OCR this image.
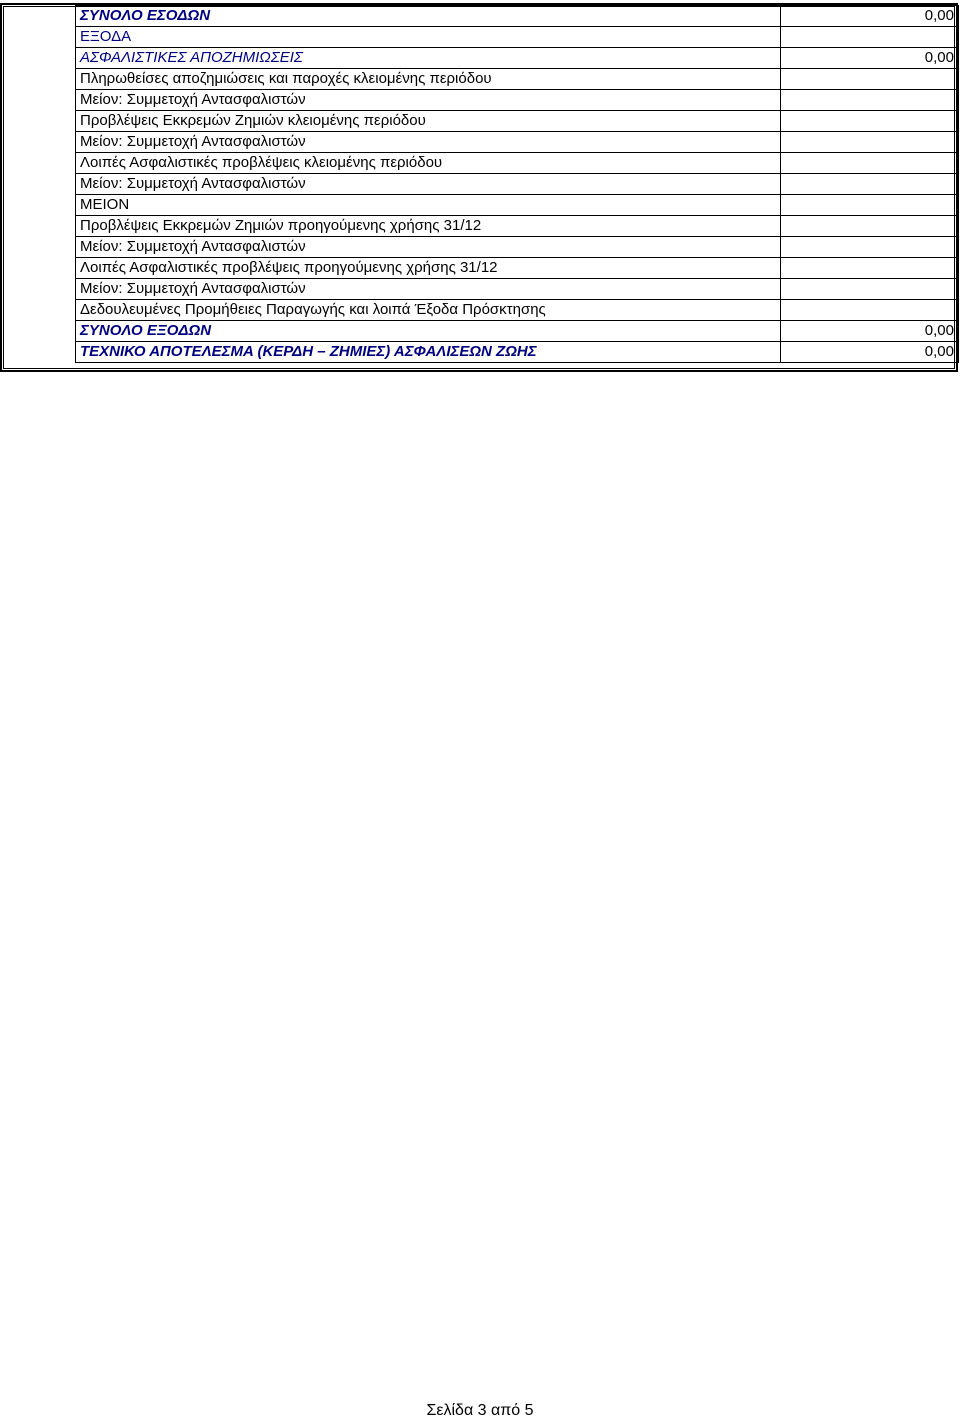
ΣΥΝΟΛΟ ΕΣΟΔΩΝ	0,00
ΕΞΟΔΑ	
ΑΣΦΑΛΙΣΤΙΚΕΣ ΑΠΟΖΗΜΙΩΣΕΙΣ	0,00
Πληρωθείσες αποζημιώσεις και παροχές κλειομένης περιόδου	
Μείον: Συμμετοχή Αντασφαλιστών	
Προβλέψεις Εκκρεμών Ζημιών κλειομένης περιόδου	
Μείον: Συμμετοχή Αντασφαλιστών	
Λοιπές Ασφαλιστικές προβλέψεις κλειομένης περιόδου	
Μείον: Συμμετοχή Αντασφαλιστών	
ΜΕΙΟΝ	
Προβλέψεις Εκκρεμών Ζημιών προηγούμενης χρήσης 31/12	
Μείον: Συμμετοχή Αντασφαλιστών	
Λοιπές Ασφαλιστικές προβλέψεις προηγούμενης χρήσης 31/12	
Μείον: Συμμετοχή Αντασφαλιστών	
Δεδουλευμένες Προμήθειες Παραγωγής και λοιπά Έξοδα Πρόσκτησης	
ΣΥΝΟΛΟ ΕΞΟΔΩΝ	0,00
ΤΕΧΝΙΚΟ ΑΠΟΤΕΛΕΣΜΑ (ΚΕΡΔΗ – ΖΗΜΙΕΣ) ΑΣΦΑΛΙΣΕΩΝ ΖΩΗΣ	0,00
Σελίδα 3 από 5
